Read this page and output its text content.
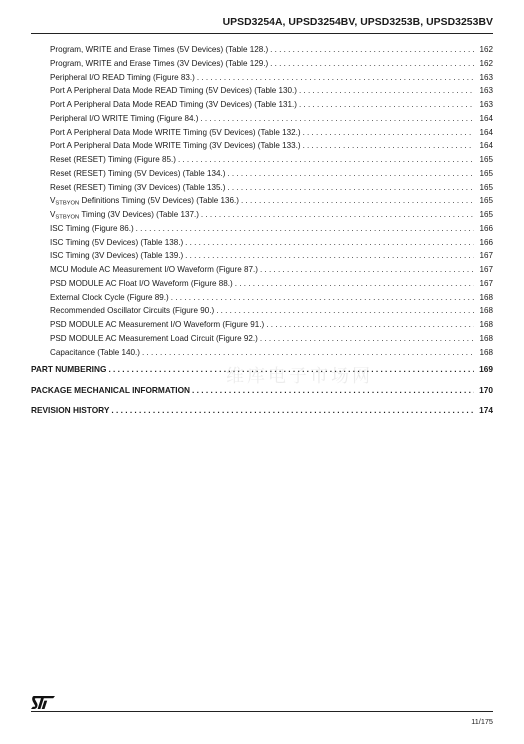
UPSD3254A, UPSD3254BV, UPSD3253B, UPSD3253BV
Program, WRITE and Erase Times (5V Devices) (Table 128.) . . .	162
Program, WRITE and Erase Times (3V Devices) (Table 129.) . . .	162
Peripheral I/O READ Timing (Figure 83.) . . .	163
Port A Peripheral Data Mode READ Timing (5V Devices) (Table 130.) . . .	163
Port A Peripheral Data Mode READ Timing (3V Devices) (Table 131.) . . .	163
Peripheral I/O WRITE Timing (Figure 84.) . . .	164
Port A Peripheral Data Mode WRITE Timing (5V Devices) (Table 132.) . . .	164
Port A Peripheral Data Mode WRITE Timing (3V Devices) (Table 133.) . . .	164
Reset (RESET) Timing (Figure 85.) . . .	165
Reset (RESET) Timing (5V Devices) (Table 134.) . . .	165
Reset (RESET) Timing (3V Devices) (Table 135.) . . .	165
$V_{STBYON}$ Definitions Timing (5V Devices) (Table 136.) . . .	165
$V_{STBYON}$ Timing (3V Devices) (Table 137.) . . .	165
ISC Timing (Figure 86.) . . .	166
ISC Timing (5V Devices) (Table 138.) . . .	166
ISC Timing (3V Devices) (Table 139.) . . .	167
MCU Module AC Measurement I/O Waveform (Figure 87.) . . .	167
PSD MODULE AC Float I/O Waveform (Figure 88.) . . .	167
External Clock Cycle (Figure 89.) . . .	168
Recommended Oscillator Circuits (Figure 90.) . . .	168
PSD MODULE AC Measurement I/O Waveform (Figure 91.) . . .	168
PSD MODULE AC Measurement Load Circuit (Figure 92.) . . .	168
Capacitance (Table 140.) . . .	168
PART NUMBERING . . .	169
PACKAGE MECHANICAL INFORMATION . . .	170
REVISION HISTORY . . .	174
维库电子市场网
11/175
